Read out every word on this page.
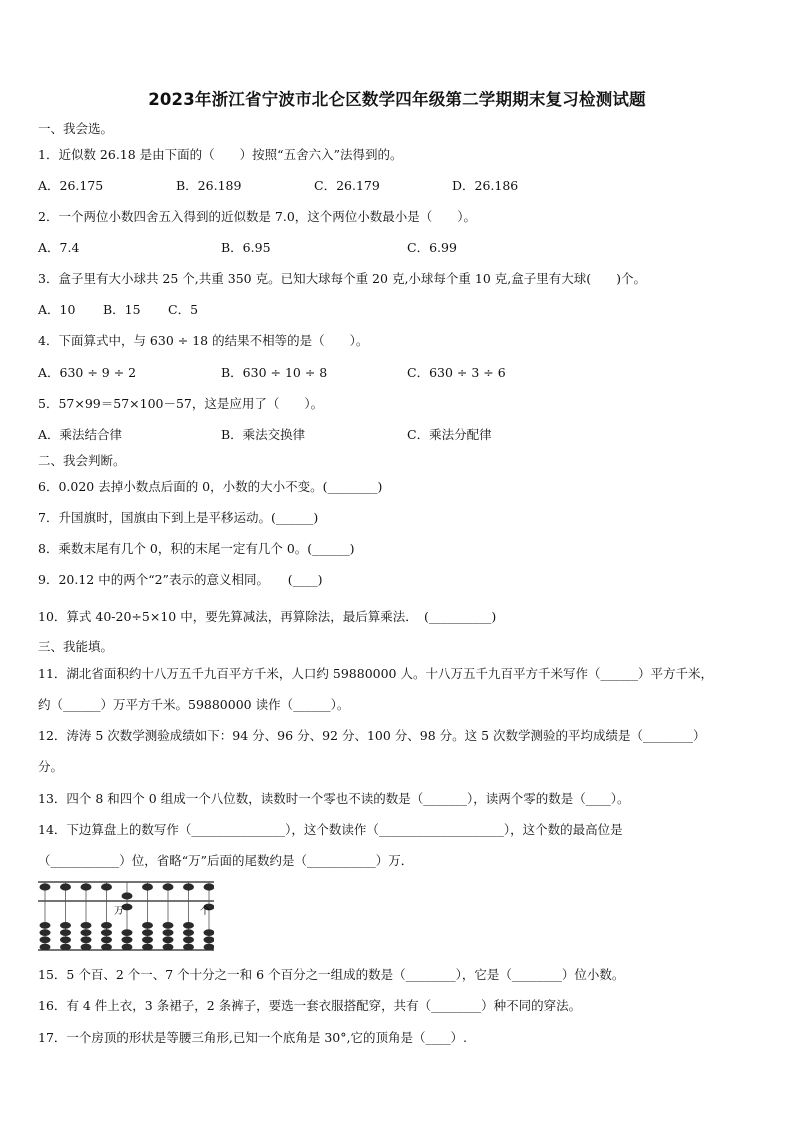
2023年浙江省宁波市北仑区数学四年级第二学期期末复习检测试题
一、我会选。
1．近似数 26.18 是由下面的（　　）按照“五舍六入”法得到的。
A．26.175	B．26.189	C．26.179	D．26.186
2．一个两位小数四舍五入得到的近似数是 7.0，这个两位小数最小是（　　）。
A．7.4	B．6.95	C．6.99
3．盒子里有大小球共 25 个,共重 350 克。已知大球每个重 20 克,小球每个重 10 克,盒子里有大球(　　)个。
A．10 B．15 C．5
4．下面算式中，与 630 ÷ 18 的结果不相等的是（　　）。
A．630 ÷ 9 ÷ 2	B．630 ÷ 10 ÷ 8	C．630 ÷ 3 ÷ 6
5．57×99＝57×100－57，这是应用了（　　）。
A．乘法结合律	B．乘法交换律	C．乘法分配律
二、我会判断。
6．0.020 去掉小数点后面的 0，小数的大小不变。(________)
7．升国旗时，国旗由下到上是平移运动。(______)
8．乘数末尾有几个 0，积的末尾一定有几个 0。(______)
9．20.12 中的两个“2”表示的意义相同。　　(____)
10．算式 40-20÷5×10 中，要先算减法，再算除法，最后算乘法．　(__________)
三、我能填。
11．湖北省面积约十八万五千九百平方千米，人口约 59880000 人。十八万五千九百平方千米写作（______）平方千米，
约（______）万平方千米。59880000 读作（______）。
12．涛涛 5 次数学测验成绩如下：94 分、96 分、92 分、100 分、98 分。这 5 次数学测验的平均成绩是（________）
分。
13．四个 8 和四个 0 组成一个八位数，读数时一个零也不读的数是（_______），读两个零的数是（____）。
14．下边算盘上的数写作（_______________），这个数读作（____________________），这个数的最高位是
（___________）位，省略“万”后面的尾数约是（___________）万．
万	个
15．5 个百、2 个一、7 个十分之一和 6 个百分之一组成的数是（________），它是（________）位小数。
16．有 4 件上衣，3 条裙子，2 条裤子，要选一套衣服搭配穿，共有（________）种不同的穿法。
17．一个房顶的形状是等腰三角形,已知一个底角是 30°,它的顶角是（____）.
